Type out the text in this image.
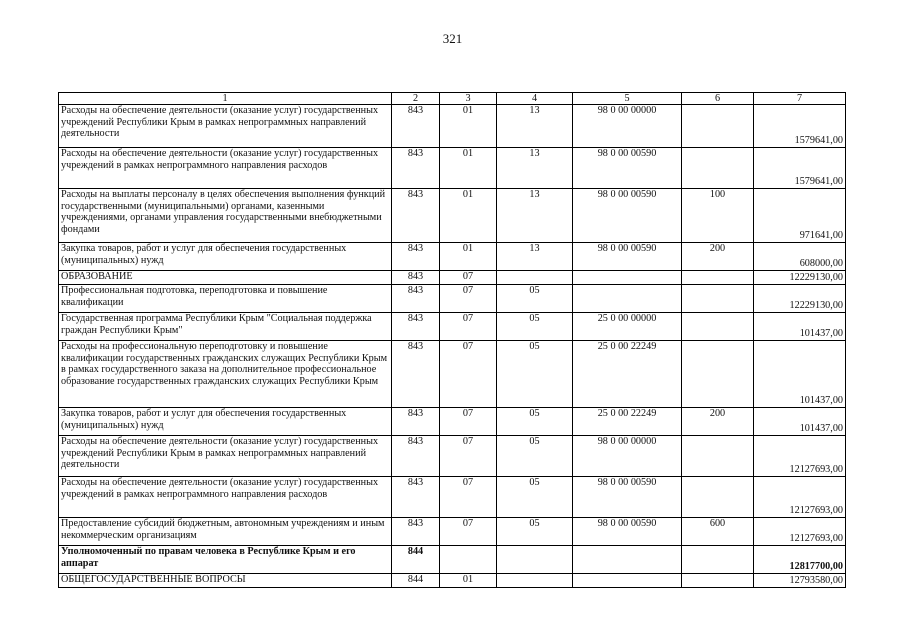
321
1	2	3	4	5	6	7
Расходы на обеспечение деятельности (оказание услуг) государственных учреждений Республики Крым в рамках непрограммных направлений деятельности	843	01	13	98 0 00 00000		1579641,00
Расходы на обеспечение деятельности (оказание услуг) государственных учреждений в рамках непрограммного направления расходов	843	01	13	98 0 00 00590		1579641,00
Расходы на выплаты персоналу в целях обеспечения выполнения функций государственными (муниципальными) органами, казенными учреждениями, органами управления государственными внебюджетными фондами	843	01	13	98 0 00 00590	100	971641,00
Закупка товаров, работ и услуг для обеспечения государственных (муниципальных) нужд	843	01	13	98 0 00 00590	200	608000,00
ОБРАЗОВАНИЕ	843	07				12229130,00
Профессиональная подготовка, переподготовка и повышение квалификации	843	07	05			12229130,00
Государственная программа Республики Крым "Социальная поддержка граждан Республики Крым"	843	07	05	25 0 00 00000		101437,00
Расходы на профессиональную переподготовку и повышение квалификации государственных гражданских служащих Республики Крым в рамках государственного заказа на дополнительное профессиональное образование государственных гражданских служащих Республики Крым	843	07	05	25 0 00 22249		101437,00
Закупка товаров, работ и услуг для обеспечения государственных (муниципальных) нужд	843	07	05	25 0 00 22249	200	101437,00
Расходы на обеспечение деятельности (оказание услуг) государственных учреждений Республики Крым в рамках непрограммных направлений деятельности	843	07	05	98 0 00 00000		12127693,00
Расходы на обеспечение деятельности (оказание услуг) государственных учреждений в рамках непрограммного направления расходов	843	07	05	98 0 00 00590		12127693,00
Предоставление субсидий бюджетным, автономным учреждениям и иным некоммерческим организациям	843	07	05	98 0 00 00590	600	12127693,00
Уполномоченный по правам человека в Республике Крым и его аппарат	844					12817700,00
ОБЩЕГОСУДАРСТВЕННЫЕ ВОПРОСЫ	844	01				12793580,00
